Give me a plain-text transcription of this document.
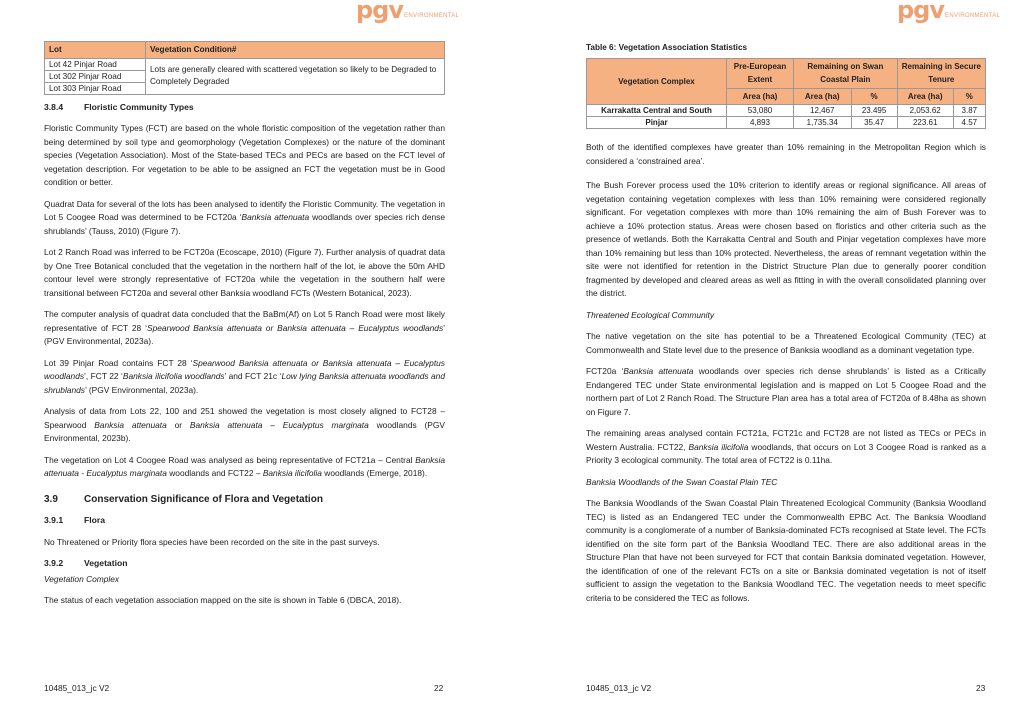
pgv ENVIRONMENTAL
Lot	Vegetation Condition#
Lot 42 Pinjar Road	Lots are generally cleared with scattered vegetation so likely to be Degraded to Completely Degraded
Lot 302 Pinjar Road	
Lot 303 Pinjar Road	
3.8.4	Floristic Community Types

Floristic Community Types (FCT) are based on the whole floristic composition of the vegetation rather than being determined by soil type and geomorphology (Vegetation Complexes) or the nature of the dominant species (Vegetation Association). Most of the State-based TECs and PECs are based on the FCT level of vegetation description. For vegetation to be able to be assigned an FCT the vegetation must be in Good condition or better.

Quadrat Data for several of the lots has been analysed to identify the Floristic Community. The vegetation in Lot 5 Coogee Road was determined to be FCT20a ‘Banksia attenuata woodlands over species rich dense shrublands’ (Tauss, 2010) (Figure 7).

Lot 2 Ranch Road was inferred to be FCT20a (Ecoscape, 2010) (Figure 7). Further analysis of quadrat data by One Tree Botanical concluded that the vegetation in the northern half of the lot, ie above the 50m AHD contour level were strongly representative of FCT20a while the vegetation in the southern half were transitional between FCT20a and several other Banksia woodland FCTs (Western Botanical, 2023).

The computer analysis of quadrat data concluded that the BaBm(Af) on Lot 5 Ranch Road were most likely representative of FCT 28 ‘Spearwood Banksia attenuata or Banksia attenuata – Eucalyptus woodlands’ (PGV Environmental, 2023a).

Lot 39 Pinjar Road contains FCT 28 ‘Spearwood Banksia attenuata or Banksia attenuata – Eucalyptus woodlands’, FCT 22 ‘Banksia ilicifolia woodlands’ and FCT 21c ‘Low lying Banksia attenuata woodlands and shrublands’ (PGV Environmental, 2023a).

Analysis of data from Lots 22, 100 and 251 showed the vegetation is most closely aligned to FCT28 – Spearwood Banksia attenuata or Banksia attenuata – Eucalyptus marginata woodlands (PGV Environmental, 2023b).

The vegetation on Lot 4 Coogee Road was analysed as being representative of FCT21a – Central Banksia attenuata - Eucalyptus marginata woodlands and FCT22 – Banksia ilicifolia woodlands (Emerge, 2018).

3.9	Conservation Significance of Flora and Vegetation
3.9.1	Flora

No Threatened or Priority flora species have been recorded on the site in the past surveys.

3.9.2	Vegetation

Vegetation Complex

The status of each vegetation association mapped on the site is shown in Table 6 (DBCA, 2018).

10485_013_jc V2	22
pgv ENVIRONMENTAL
Table 6: Vegetation Association Statistics
Vegetation Complex	Pre-European Extent	Remaining on Swan Coastal Plain		Remaining in Secure Tenure	
	Area (ha)	Area (ha)	%	Area (ha)	%
Karrakatta Central and South	53,080	12,467	23.495	2,053.62	3.87
Pinjar	4,893	1,735.34	35.47	223.61	4.57

Both of the identified complexes have greater than 10% remaining in the Metropolitan Region which is considered a ‘constrained area’.

The Bush Forever process used the 10% criterion to identify areas or regional significance. All areas of vegetation containing vegetation complexes with less than 10% remaining were considered regionally significant. For vegetation complexes with more than 10% remaining the aim of Bush Forever was to achieve a 10% protection status. Areas were chosen based on floristics and other criteria such as the presence of wetlands. Both the Karrakatta Central and South and Pinjar vegetation complexes have more than 10% remaining but less than 10% protected. Nevertheless, the areas of remnant vegetation within the site were not identified for retention in the District Structure Plan due to generally poorer condition fragmented by developed and cleared areas as well as fitting in with the overall consolidated planning over the district.

Threatened Ecological Community

The native vegetation on the site has potential to be a Threatened Ecological Community (TEC) at Commonwealth and State level due to the presence of Banksia woodland as a dominant vegetation type.

FCT20a ‘Banksia attenuata woodlands over species rich dense shrublands’ is listed as a Critically Endangered TEC under State environmental legislation and is mapped on Lot 5 Coogee Road and the northern part of Lot 2 Ranch Road. The Structure Plan area has a total area of FCT20a of 8.48ha as shown on Figure 7.

The remaining areas analysed contain FCT21a, FCT21c and FCT28 are not listed as TECs or PECs in Western Australia. FCT22, Banksia ilicifolia woodlands, that occurs on Lot 3 Coogee Road is ranked as a Priority 3 ecological community. The total area of FCT22 is 0.11ha.

Banksia Woodlands of the Swan Coastal Plain TEC

The Banksia Woodlands of the Swan Coastal Plain Threatened Ecological Community (Banksia Woodland TEC) is listed as an Endangered TEC under the Commonwealth EPBC Act. The Banksia Woodland community is a conglomerate of a number of Banksia-dominated FCTs recognised at State level. The FCTs identified on the site form part of the Banksia Woodland TEC. There are also additional areas in the Structure Plan that have not been surveyed for FCT that contain Banksia dominated vegetation. However, the identification of one of the relevant FCTs on a site or Banksia dominated vegetation is not of itself sufficient to assign the vegetation to the Banksia Woodland TEC. The vegetation needs to meet specific criteria to be considered the TEC as follows.

10485_013_jc V2	23
